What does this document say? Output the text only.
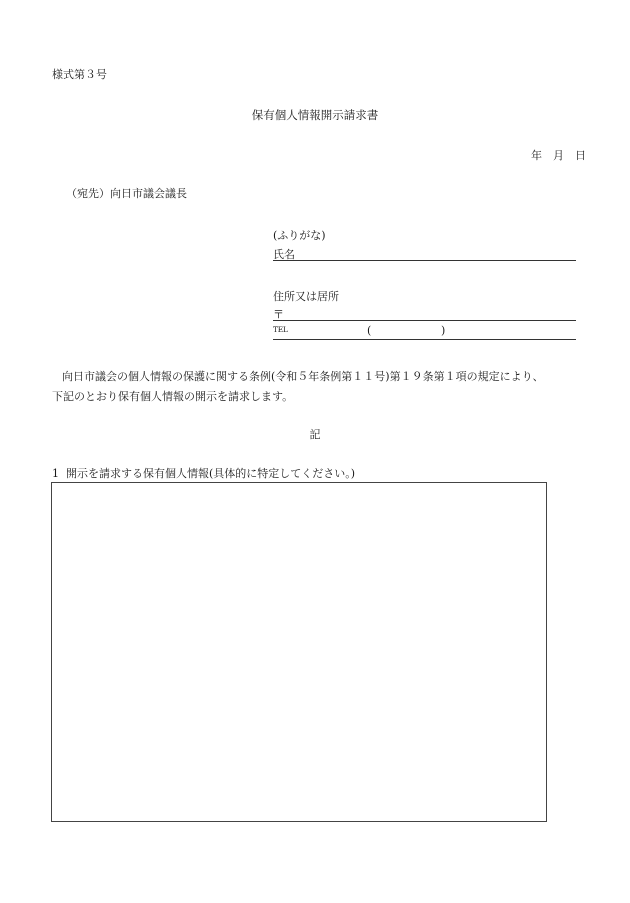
様式第３号
保有個人情報開示請求書
年 月 日
（宛先）向日市議会議長
(ふりがな)
氏名
住所又は居所
〒
TEL	(	)
向日市議会の個人情報の保護に関する条例(令和５年条例第１１号)第１９条第１項の規定により、
下記のとおり保有個人情報の開示を請求します。
記
1 開示を請求する保有個人情報(具体的に特定してください。)
